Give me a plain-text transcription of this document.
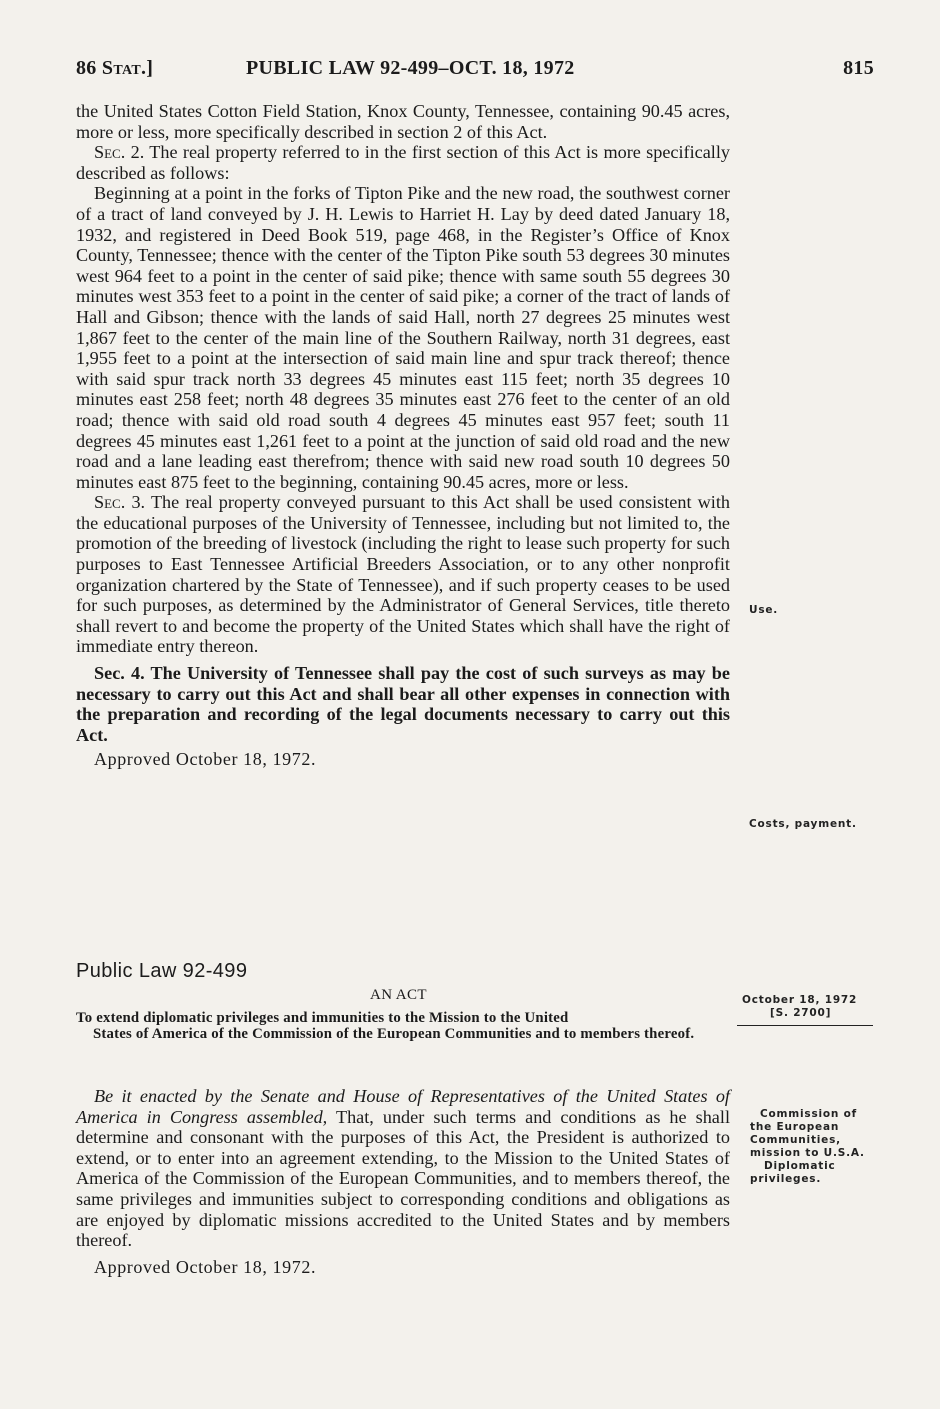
86 Stat.]	PUBLIC LAW 92-499–OCT. 18, 1972	815

the United States Cotton Field Station, Knox County, Tennessee, containing 90.45 acres, more or less, more specifically described in section 2 of this Act.

Sec. 2. The real property referred to in the first section of this Act is more specifically described as follows:

Beginning at a point in the forks of Tipton Pike and the new road, the southwest corner of a tract of land conveyed by J. H. Lewis to Harriet H. Lay by deed dated January 18, 1932, and registered in Deed Book 519, page 468, in the Register’s Office of Knox County, Tennessee; thence with the center of the Tipton Pike south 53 degrees 30 minutes west 964 feet to a point in the center of said pike; thence with same south 55 degrees 30 minutes west 353 feet to a point in the center of said pike; a corner of the tract of lands of Hall and Gibson; thence with the lands of said Hall, north 27 degrees 25 minutes west 1,867 feet to the center of the main line of the Southern Railway, north 31 degrees, east 1,955 feet to a point at the intersection of said main line and spur track thereof; thence with said spur track north 33 degrees 45 minutes east 115 feet; north 35 degrees 10 minutes east 258 feet; north 48 degrees 35 minutes east 276 feet to the center of an old road; thence with said old road south 4 degrees 45 minutes east 957 feet; south 11 degrees 45 minutes east 1,261 feet to a point at the junction of said old road and the new road and a lane leading east therefrom; thence with said new road south 10 degrees 50 minutes east 875 feet to the beginning, containing 90.45 acres, more or less.

Sec. 3. The real property conveyed pursuant to this Act shall be used consistent with the educational purposes of the University of Tennessee, including but not limited to, the promotion of the breeding of livestock (including the right to lease such property for such purposes to East Tennessee Artificial Breeders Association, or to any other nonprofit organization chartered by the State of Tennessee), and if such property ceases to be used for such purposes, as determined by the Administrator of General Services, title thereto shall revert to and become the property of the United States which shall have the right of immediate entry thereon.

Sec. 4. The University of Tennessee shall pay the cost of such surveys as may be necessary to carry out this Act and shall bear all other expenses in connection with the preparation and recording of the legal documents necessary to carry out this Act.

Approved October 18, 1972.

Public Law 92-499
AN ACT
To extend diplomatic privileges and immunities to the Mission to the United
States of America of the Commission of the European Communities and to members thereof.

Be it enacted by the Senate and House of Representatives of the United States of America in Congress assembled, That, under such terms and conditions as he shall determine and consonant with the purposes of this Act, the President is authorized to extend, or to enter into an agreement extending, to the Mission to the United States of America of the Commission of the European Communities, and to members thereof, the same privileges and immunities subject to corresponding conditions and obligations as are enjoyed by diplomatic missions accredited to the United States and by members thereof.

Approved October 18, 1972.

Use.
Costs, payment.
October 18, 1972
[S. 2700]
Commission of
the European
Communities,
mission to U.S.A.
Diplomatic
privileges.
